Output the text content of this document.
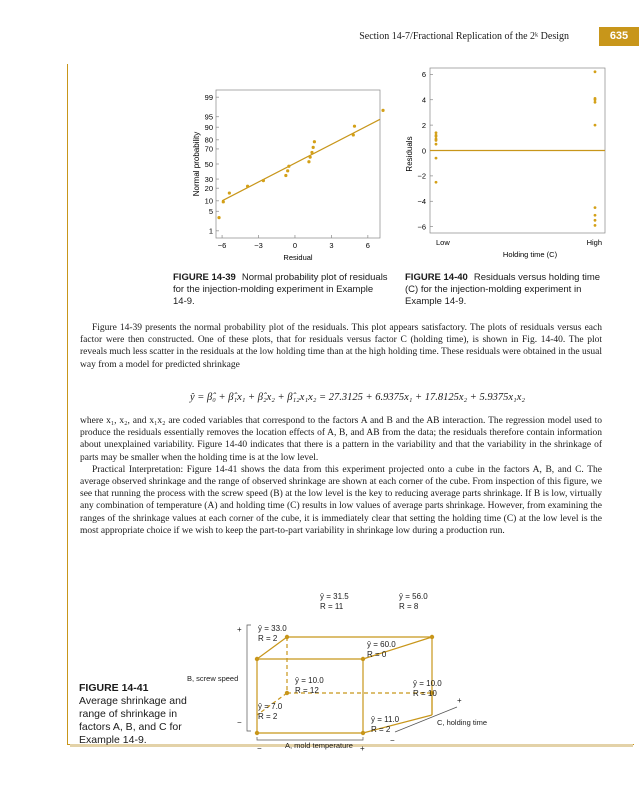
Section 14-7/Fractional Replication of the 2ᵏ Design	635
Normal probability
Residual
99
95
90
80
70
50
30
20
10
5
1
−6	−3	0	3	6
FIGURE 14-39 Normal probability plot of residuals for the injection-molding experiment in Example 14-9.
Residuals
6
4
2
0
−2
−4
−6
Low	High
Holding time (C)
FIGURE 14-40 Residuals versus holding time (C) for the injection-molding experiment in Example 14-9.

Figure 14-39 presents the normal probability plot of the residuals. This plot appears satisfactory. The plots of residuals versus each factor were then constructed. One of these plots, that for residuals versus factor C (holding time), is shown in Fig. 14-40. The plot reveals much less scatter in the residuals at the low holding time than at the high holding time. These residuals were obtained in the usual way from a model for predicted shrinkage

ŷ = β̂₀ + β̂₁x₁ + β̂₂x₂ + β̂₁₂x₁x₂ = 27.3125 + 6.9375x₁ + 17.8125x₂ + 5.9375x₁x₂

where x₁, x₂, and x₁x₂ are coded variables that correspond to the factors A and B and the AB interaction. The regression model used to produce the residuals essentially removes the location effects of A, B, and AB from the data; the residuals therefore contain information about unexplained variability. Figure 14-40 indicates that there is a pattern in the variability and that the variability in the shrinkage of parts may be smaller when the holding time is at the low level.

Practical Interpretation: Figure 14-41 shows the data from this experiment projected onto a cube in the factors A, B, and C. The average observed shrinkage and the range of observed shrinkage are shown at each corner of the cube. From inspection of this figure, we see that running the process with the screw speed (B) at the low level is the key to reducing average parts shrinkage. If B is low, virtually any combination of temperature (A) and holding time (C) results in low values of average parts shrinkage. However, from examining the ranges of the shrinkage values at each corner of the cube, it is immediately clear that setting the holding time (C) at the low level is the most appropriate choice if we wish to keep the part-to-part variability in shrinkage low during a production run.

ȳ = 31.5
R = 11
ȳ = 56.0
R = 8
ȳ = 33.0
R = 2
ȳ = 60.0
R = 0
ȳ = 10.0
R = 12
ȳ = 10.0
R = 10
ȳ = 7.0
R = 2	ȳ = 11.0
R = 2
+
−
B, screw speed
−	+
A, mold temperature
+
−
C, holding time
FIGURE 14-41
Average shrinkage and range of shrinkage in factors A, B, and C for Example 14-9.
